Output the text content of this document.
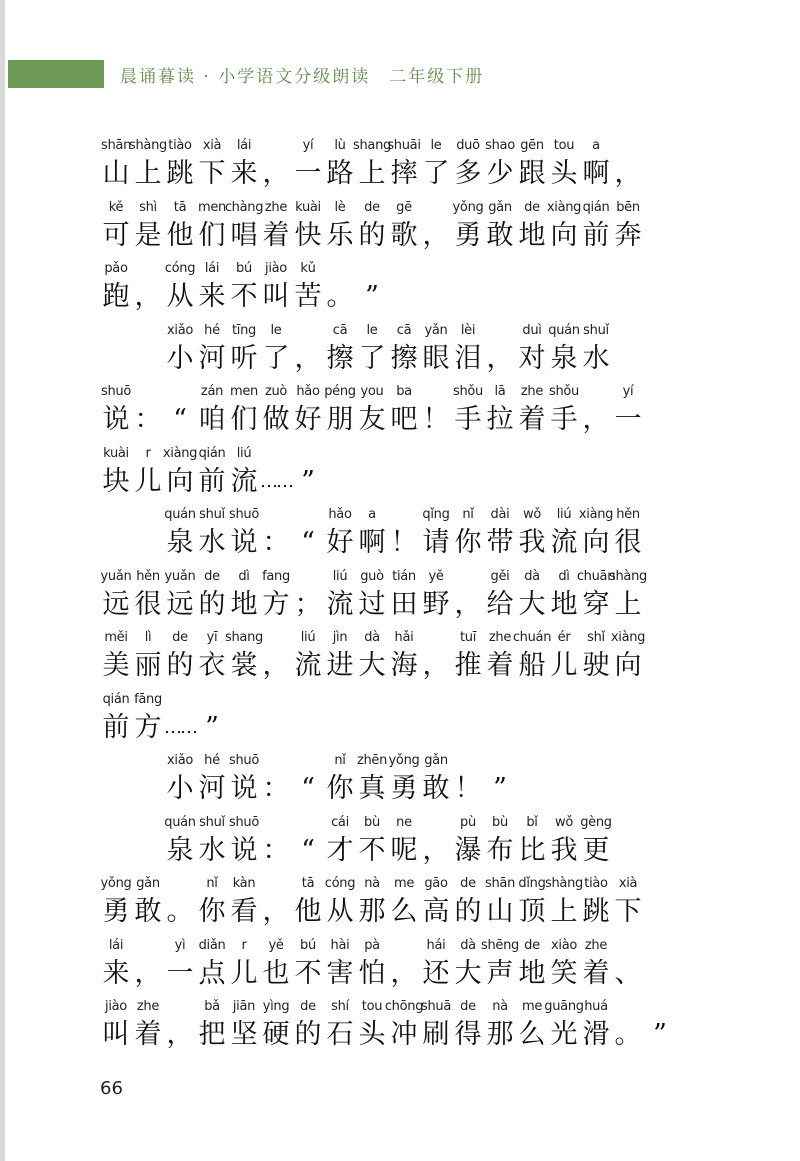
晨诵暮读 · 小学语文分级朗读　二年级下册
shān
山
shàng
上
tiào
跳
xià
下
lái
来 ，
yí
一
lù
路
shang
上
shuāi
摔
le
了
duō
多
shao
少
gēn
跟
tou
头
a
啊 ，
kě
可
shì
是
tā
他
men
们
chàng
唱
zhe
着
kuài
快
lè
乐
de
的
gē
歌 ，
yǒng
勇
gǎn
敢
de
地
xiàng
向
qián
前
bēn
奔
pǎo
跑 ，
cóng
从
lái
来
bú
不
jiào
叫
kǔ
苦 。 ”
xiǎo
小
hé
河
tīng
听
le
了 ，
cā
擦
le
了
cā
擦
yǎn
眼
lèi
泪 ，
duì
对
quán
泉
shuǐ
水
shuō
说 ： “
zán
咱
men
们
zuò
做
hǎo
好
péng
朋
you
友
ba
吧 ！
shǒu
手
lā
拉
zhe
着
shǒu
手 ，
yí
一
kuài
块
r
儿
xiàng
向
qián
前
liú
流 …… ”
quán
泉
shuǐ
水
shuō
说 ： “
hǎo
好
a
啊 ！
qǐng
请
nǐ
你
dài
带
wǒ
我
liú
流
xiàng
向
hěn
很
yuǎn
远
hěn
很
yuǎn
远
de
的
dì
地
fang
方 ；
liú
流
guò
过
tián
田
yě
野 ，
gěi
给
dà
大
dì
地
chuān
穿
shàng
上
měi
美
lì
丽
de
的
yī
衣
shang
裳 ，
liú
流
jìn
进
dà
大
hǎi
海 ，
tuī
推
zhe
着
chuán
船
ér
儿
shǐ
驶
xiàng
向
qián
前
fāng
方 …… ”
xiǎo
小
hé
河
shuō
说 ： “
nǐ
你
zhēn
真
yǒng
勇
gǎn
敢 ！ ”
quán
泉
shuǐ
水
shuō
说 ： “
cái
才
bù
不
ne
呢 ，
pù
瀑
bù
布
bǐ
比
wǒ
我
gèng
更
yǒng
勇
gǎn
敢 。
nǐ
你
kàn
看 ，
tā
他
cóng
从
nà
那
me
么
gāo
高
de
的
shān
山
dǐng
顶
shàng
上
tiào
跳
xià
下
lái
来 ，
yì
一
diǎn
点
r
儿
yě
也
bú
不
hài
害
pà
怕 ，
hái
还
dà
大
shēng
声
de
地
xiào
笑
zhe
着 、
jiào
叫
zhe
着 ，
bǎ
把
jiān
坚
yìng
硬
de
的
shí
石
tou
头
chōng
冲
shuā
刷
de
得
nà
那
me
么
guāng
光
huá
滑 。 ”
66
